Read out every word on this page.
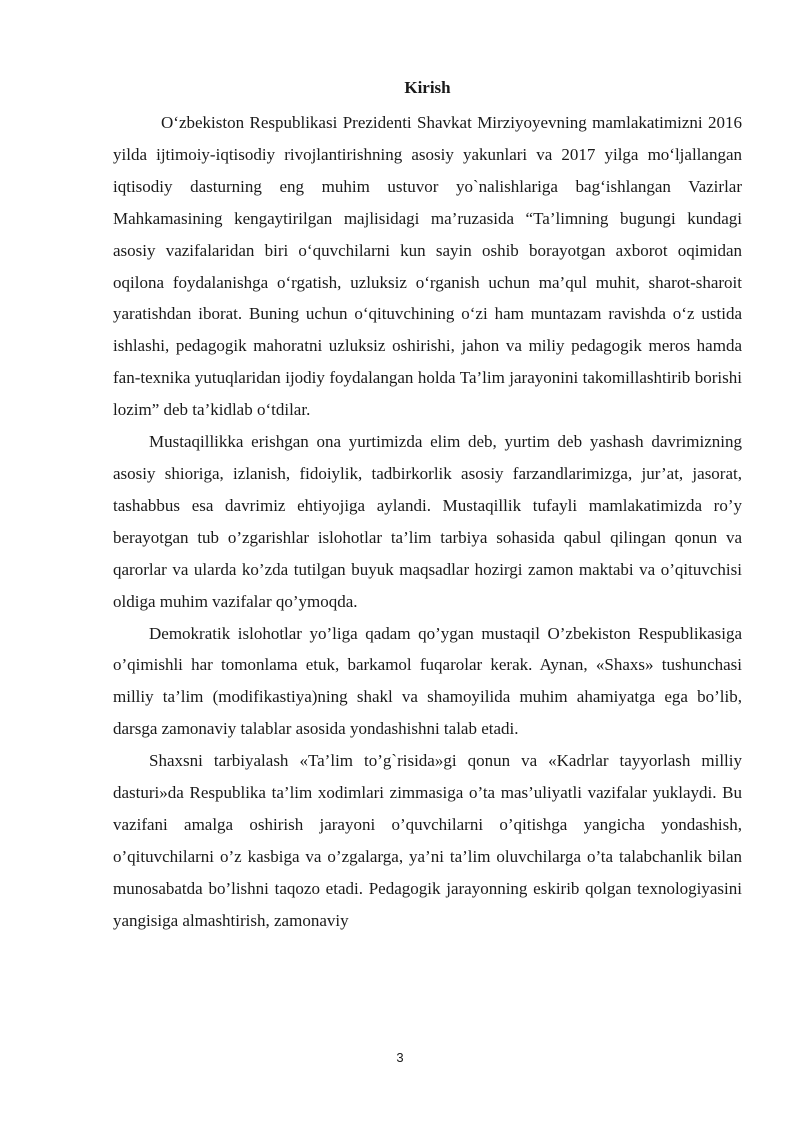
Kirish

O‘zbekiston Respublikasi Prezidenti Shavkat Mirziyoyevning mamlakatimizni 2016 yilda ijtimoiy-iqtisodiy rivojlantirishning asosiy yakunlari va 2017 yilga mo‘ljallangan iqtisodiy dasturning eng muhim ustuvor yo`nalishlariga bag‘ishlangan Vazirlar Mahkamasining kengaytirilgan majlisidagi ma’ruzasida “Ta’limning bugungi kundagi asosiy vazifalaridan biri o‘quvchilarni kun sayin oshib borayotgan axborot oqimidan oqilona foydalanishga o‘rgatish, uzluksiz o‘rganish uchun ma’qul muhit, sharot-sharoit yaratishdan iborat. Buning uchun o‘qituvchining o‘zi ham muntazam ravishda o‘z ustida ishlashi, pedagogik mahoratni uzluksiz oshirishi, jahon va miliy pedagogik meros hamda fan-texnika yutuqlaridan ijodiy foydalangan holda Ta’lim jarayonini takomillashtirib borishi lozim” deb ta’kidlab o‘tdilar.

Mustaqillikka erishgan ona yurtimizda elim deb, yurtim deb yashash davrimizning asosiy shioriga, izlanish, fidoiylik, tadbirkorlik asosiy farzandlarimizga, jur’at, jasorat, tashabbus esa davrimiz ehtiyojiga aylandi. Mustaqillik tufayli mamlakatimizda ro’y berayotgan tub o’zgarishlar islohotlar ta’lim tarbiya sohasida qabul qilingan qonun va qarorlar va ularda ko’zda tutilgan buyuk maqsadlar hozirgi zamon maktabi va o’qituvchisi oldiga muhim vazifalar qo’ymoqda.

Demokratik islohotlar yo’liga qadam qo’ygan mustaqil O’zbekiston Respublikasiga o’qimishli har tomonlama etuk, barkamol fuqarolar kerak. Aynan, «Shaxs» tushunchasi milliy ta’lim (modifikastiya)ning shakl va shamoyilida muhim ahamiyatga ega bo’lib, darsga zamonaviy talablar asosida yondashishni talab etadi.

Shaxsni tarbiyalash «Ta’lim to’g`risida»gi qonun va «Kadrlar tayyorlash milliy dasturi»da Respublika ta’lim xodimlari zimmasiga o’ta mas’uliyatli vazifalar yuklaydi. Bu vazifani amalga oshirish jarayoni o’quvchilarni o’qitishga yangicha yondashish, o’qituvchilarni o’z kasbiga va o’zgalarga, ya’ni ta’lim oluvchilarga o’ta talabchanlik bilan munosabatda bo’lishni taqozo etadi. Pedagogik jarayonning eskirib qolgan texnologiyasini yangisiga almashtirish, zamonaviy

3
